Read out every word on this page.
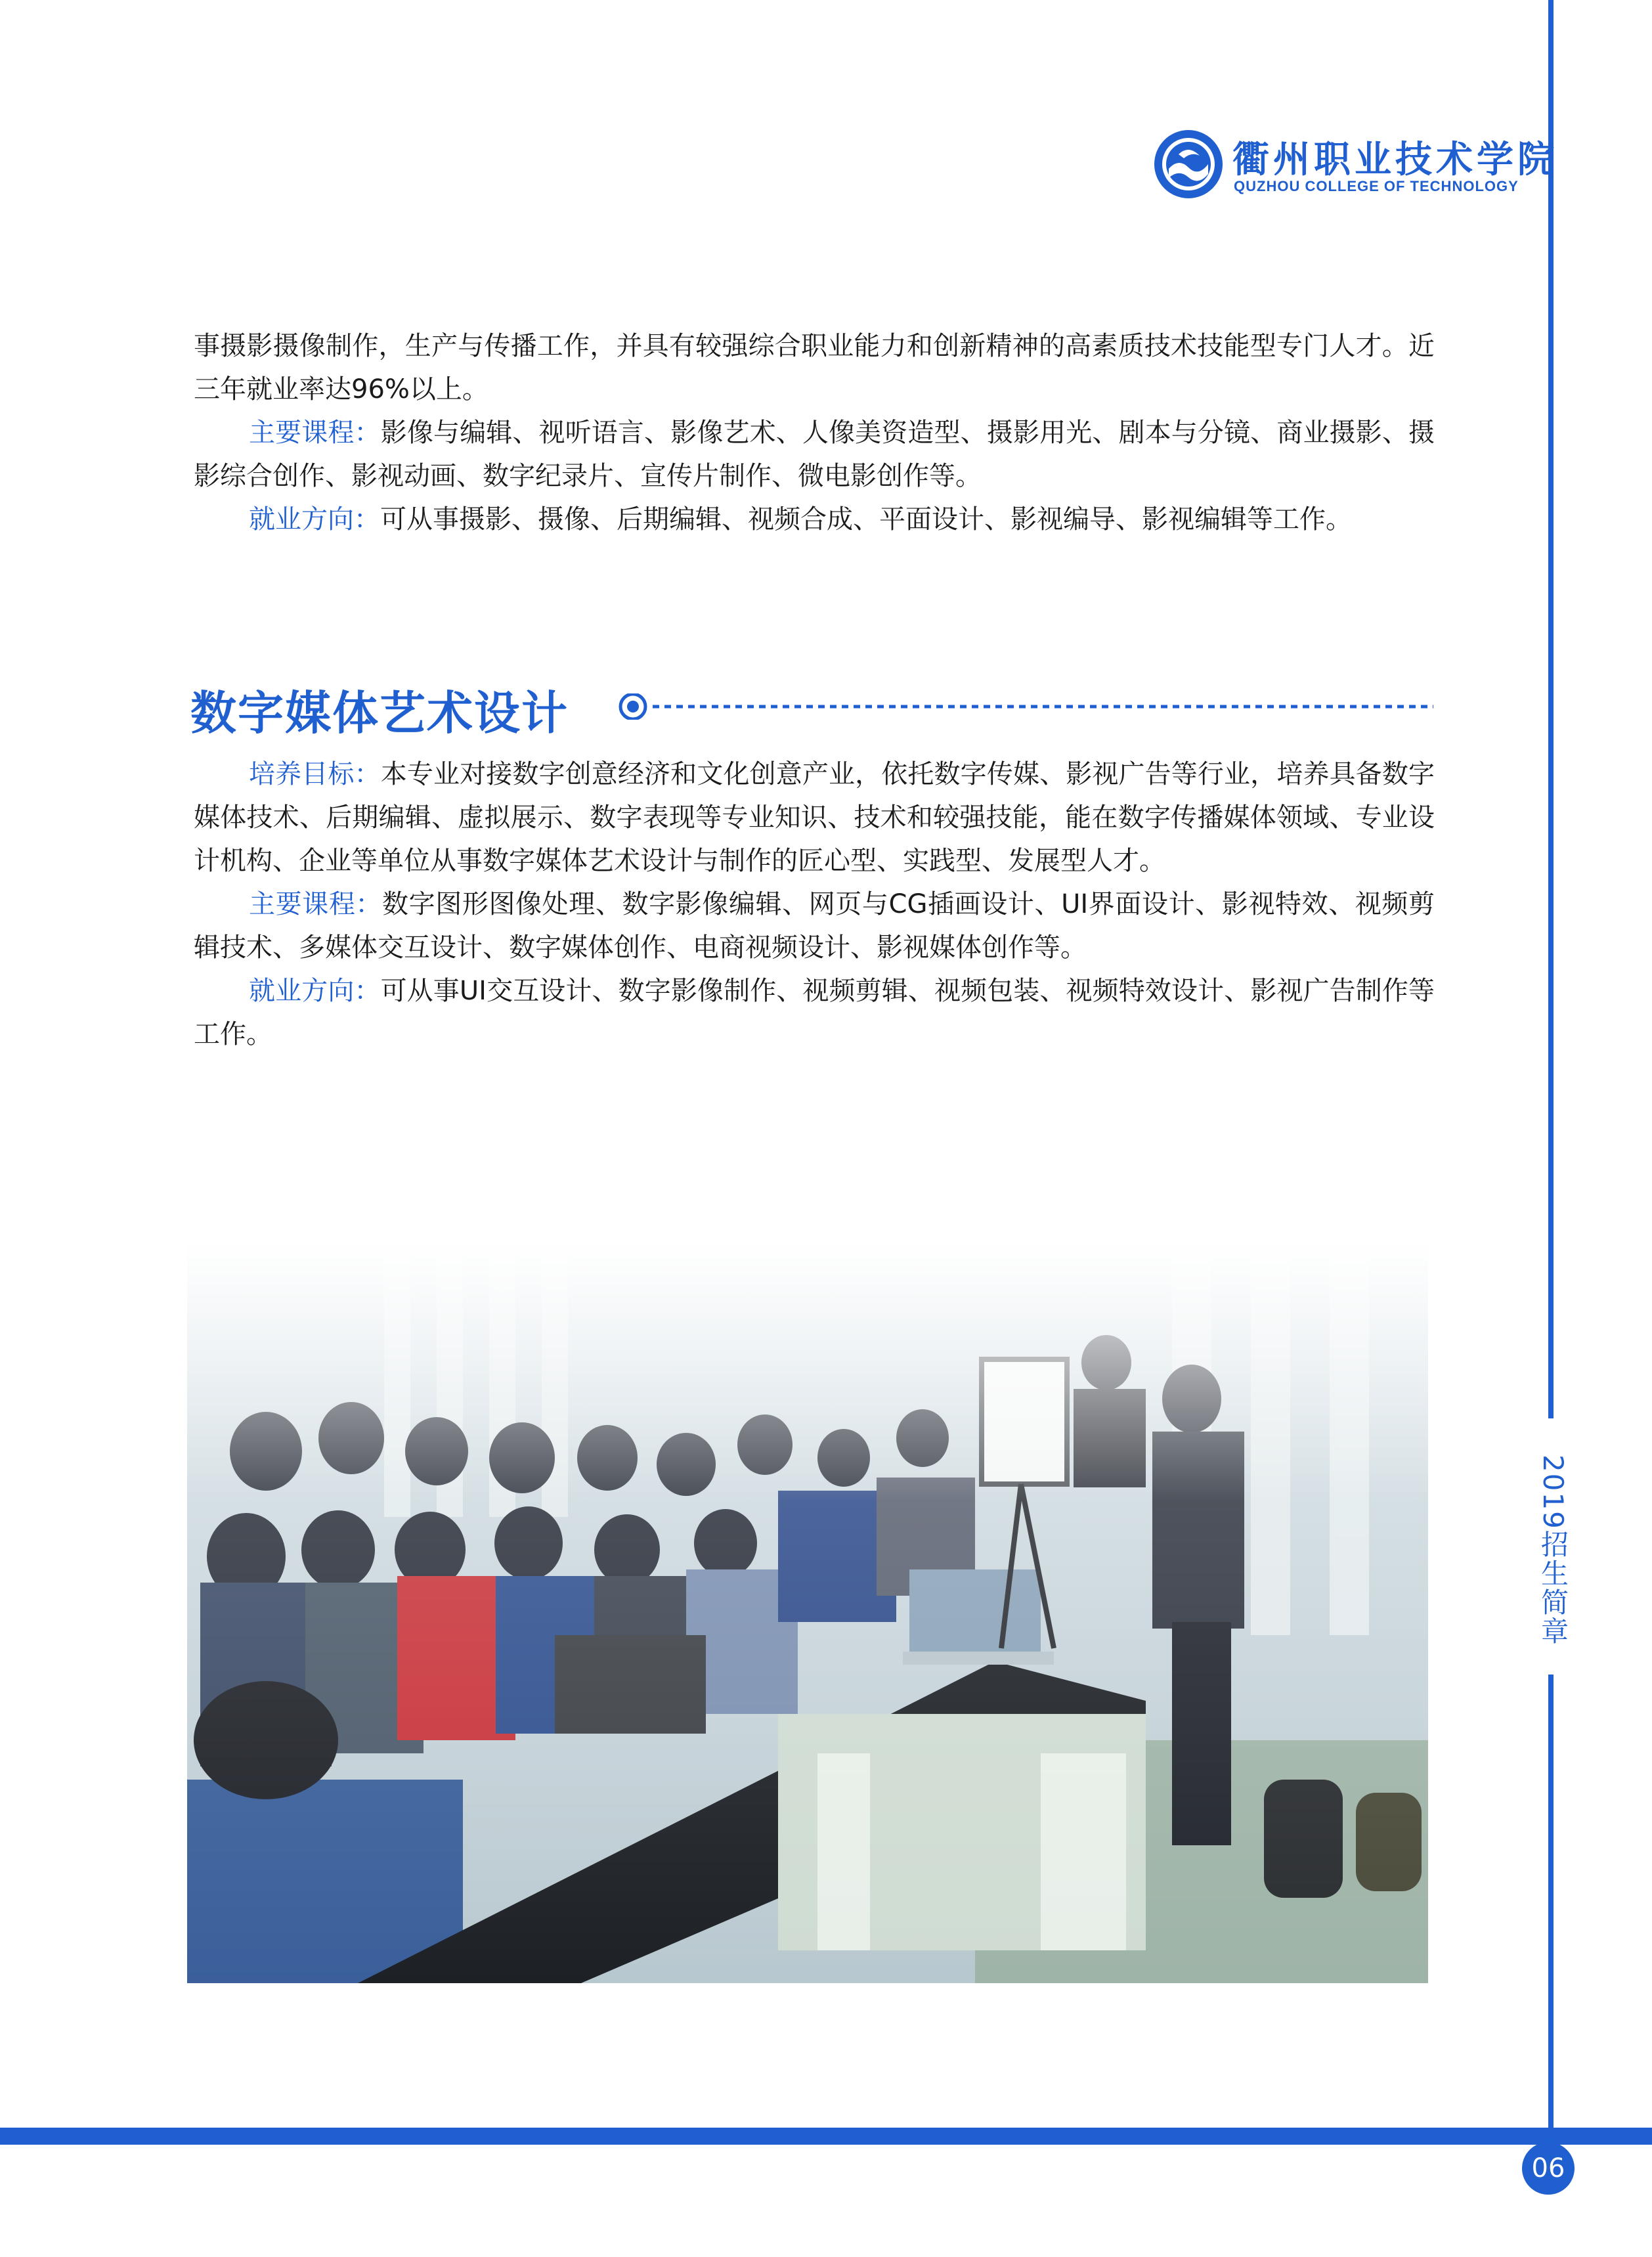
2019招生简章
06
衢州职业技术学院
QUZHOU COLLEGE OF TECHNOLOGY
事摄影摄像制作，生产与传播工作，并具有较强综合职业能力和创新精神的高素质技术技能型专门人才。近三年就业率达96%以上。
主要课程：影像与编辑、视听语言、影像艺术、人像美资造型、摄影用光、剧本与分镜、商业摄影、摄影综合创作、影视动画、数字纪录片、宣传片制作、微电影创作等。
就业方向：可从事摄影、摄像、后期编辑、视频合成、平面设计、影视编导、影视编辑等工作。
数字媒体艺术设计
培养目标：本专业对接数字创意经济和文化创意产业，依托数字传媒、影视广告等行业，培养具备数字媒体技术、后期编辑、虚拟展示、数字表现等专业知识、技术和较强技能，能在数字传播媒体领域、专业设计机构、企业等单位从事数字媒体艺术设计与制作的匠心型、实践型、发展型人才。
主要课程：数字图形图像处理、数字影像编辑、网页与CG插画设计、UI界面设计、影视特效、视频剪辑技术、多媒体交互设计、数字媒体创作、电商视频设计、影视媒体创作等。
就业方向：可从事UI交互设计、数字影像制作、视频剪辑、视频包装、视频特效设计、影视广告制作等工作。
